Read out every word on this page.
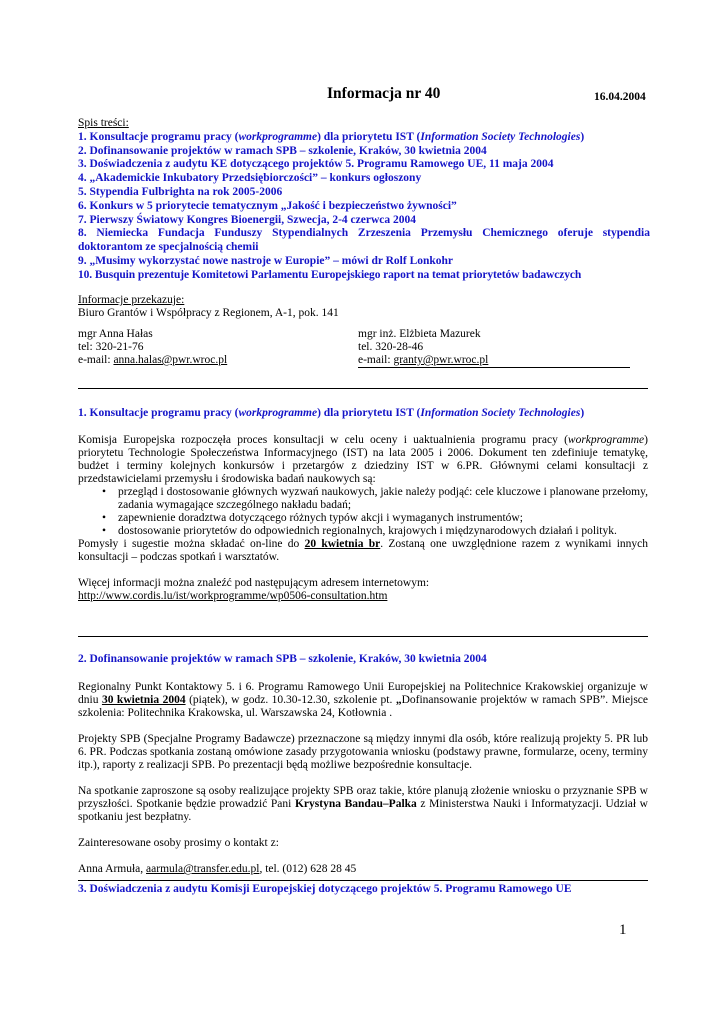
Informacja nr 40	16.04.2004
Spis treści:
1. Konsultacje programu pracy (workprogramme) dla priorytetu IST (Information Society Technologies)
2. Dofinansowanie projektów w ramach SPB – szkolenie, Kraków, 30 kwietnia 2004
3. Doświadczenia z audytu KE dotyczącego projektów 5. Programu Ramowego UE, 11 maja 2004
4. „Akademickie Inkubatory Przedsiębiorczości” – konkurs ogłoszony
5. Stypendia Fulbrighta na rok 2005-2006
6. Konkurs w 5 priorytecie tematycznym „Jakość i bezpieczeństwo żywności”
7. Pierwszy Światowy Kongres Bioenergii, Szwecja, 2-4 czerwca 2004
8. Niemiecka Fundacja Funduszy Stypendialnych Zrzeszenia Przemysłu Chemicznego oferuje stypendia
doktorantom ze specjalnością chemii
9. „Musimy wykorzystać nowe nastroje w Europie” – mówi dr Rolf Lonkohr
10. Busquin prezentuje Komitetowi Parlamentu Europejskiego raport na temat priorytetów badawczych
Informacje przekazuje:
Biuro Grantów i Współpracy z Regionem, A-1, pok. 141
mgr Anna Hałas
tel: 320-21-76
e-mail: anna.halas@pwr.wroc.pl
mgr inż. Elżbieta Mazurek
tel. 320-28-46
e-mail: granty@pwr.wroc.pl
1. Konsultacje programu pracy (workprogramme) dla priorytetu IST (Information Society Technologies)

Komisja Europejska rozpoczęła proces konsultacji w celu oceny i uaktualnienia programu pracy (workprogramme) priorytetu Technologie Społeczeństwa Informacyjnego (IST) na lata 2005 i 2006. Dokument ten zdefiniuje tematykę, budżet i terminy kolejnych konkursów i przetargów z dziedziny IST w 6.PR. Głównymi celami konsultacji z przedstawicielami przemysłu i środowiska badań naukowych są:

• przegląd i dostosowanie głównych wyzwań naukowych, jakie należy podjąć: cele kluczowe i planowane przełomy, zadania wymagające szczególnego nakładu badań;
• zapewnienie doradztwa dotyczącego różnych typów akcji i wymaganych instrumentów;
• dostosowanie priorytetów do odpowiednich regionalnych, krajowych i międzynarodowych działań i polityk.

Pomysły i sugestie można składać on-line do 20 kwietnia br. Zostaną one uwzględnione razem z wynikami innych konsultacji – podczas spotkań i warsztatów.

Więcej informacji można znaleźć pod następującym adresem internetowym:

http://www.cordis.lu/ist/workprogramme/wp0506-consultation.htm

2. Dofinansowanie projektów w ramach SPB – szkolenie, Kraków, 30 kwietnia 2004

Regionalny Punkt Kontaktowy 5. i 6. Programu Ramowego Unii Europejskiej na Politechnice Krakowskiej organizuje w dniu 30 kwietnia 2004 (piątek), w godz. 10.30-12.30, szkolenie pt. „Dofinansowanie projektów w ramach SPB”. Miejsce szkolenia: Politechnika Krakowska, ul. Warszawska 24, Kotłownia .

Projekty SPB (Specjalne Programy Badawcze) przeznaczone są między innymi dla osób, które realizują projekty 5. PR lub 6. PR. Podczas spotkania zostaną omówione zasady przygotowania wniosku (podstawy prawne, formularze, oceny, terminy itp.), raporty z realizacji SPB. Po prezentacji będą możliwe bezpośrednie konsultacje.

Na spotkanie zaproszone są osoby realizujące projekty SPB oraz takie, które planują złożenie wniosku o przyznanie SPB w przyszłości. Spotkanie będzie prowadzić Pani Krystyna Bandau–Palka z Ministerstwa Nauki i Informatyzacji. Udział w spotkaniu jest bezpłatny.

Zainteresowane osoby prosimy o kontakt z:

Anna Armuła, aarmula@transfer.edu.pl, tel. (012) 628 28 45

3. Doświadczenia z audytu Komisji Europejskiej dotyczącego projektów 5. Programu Ramowego UE
1
